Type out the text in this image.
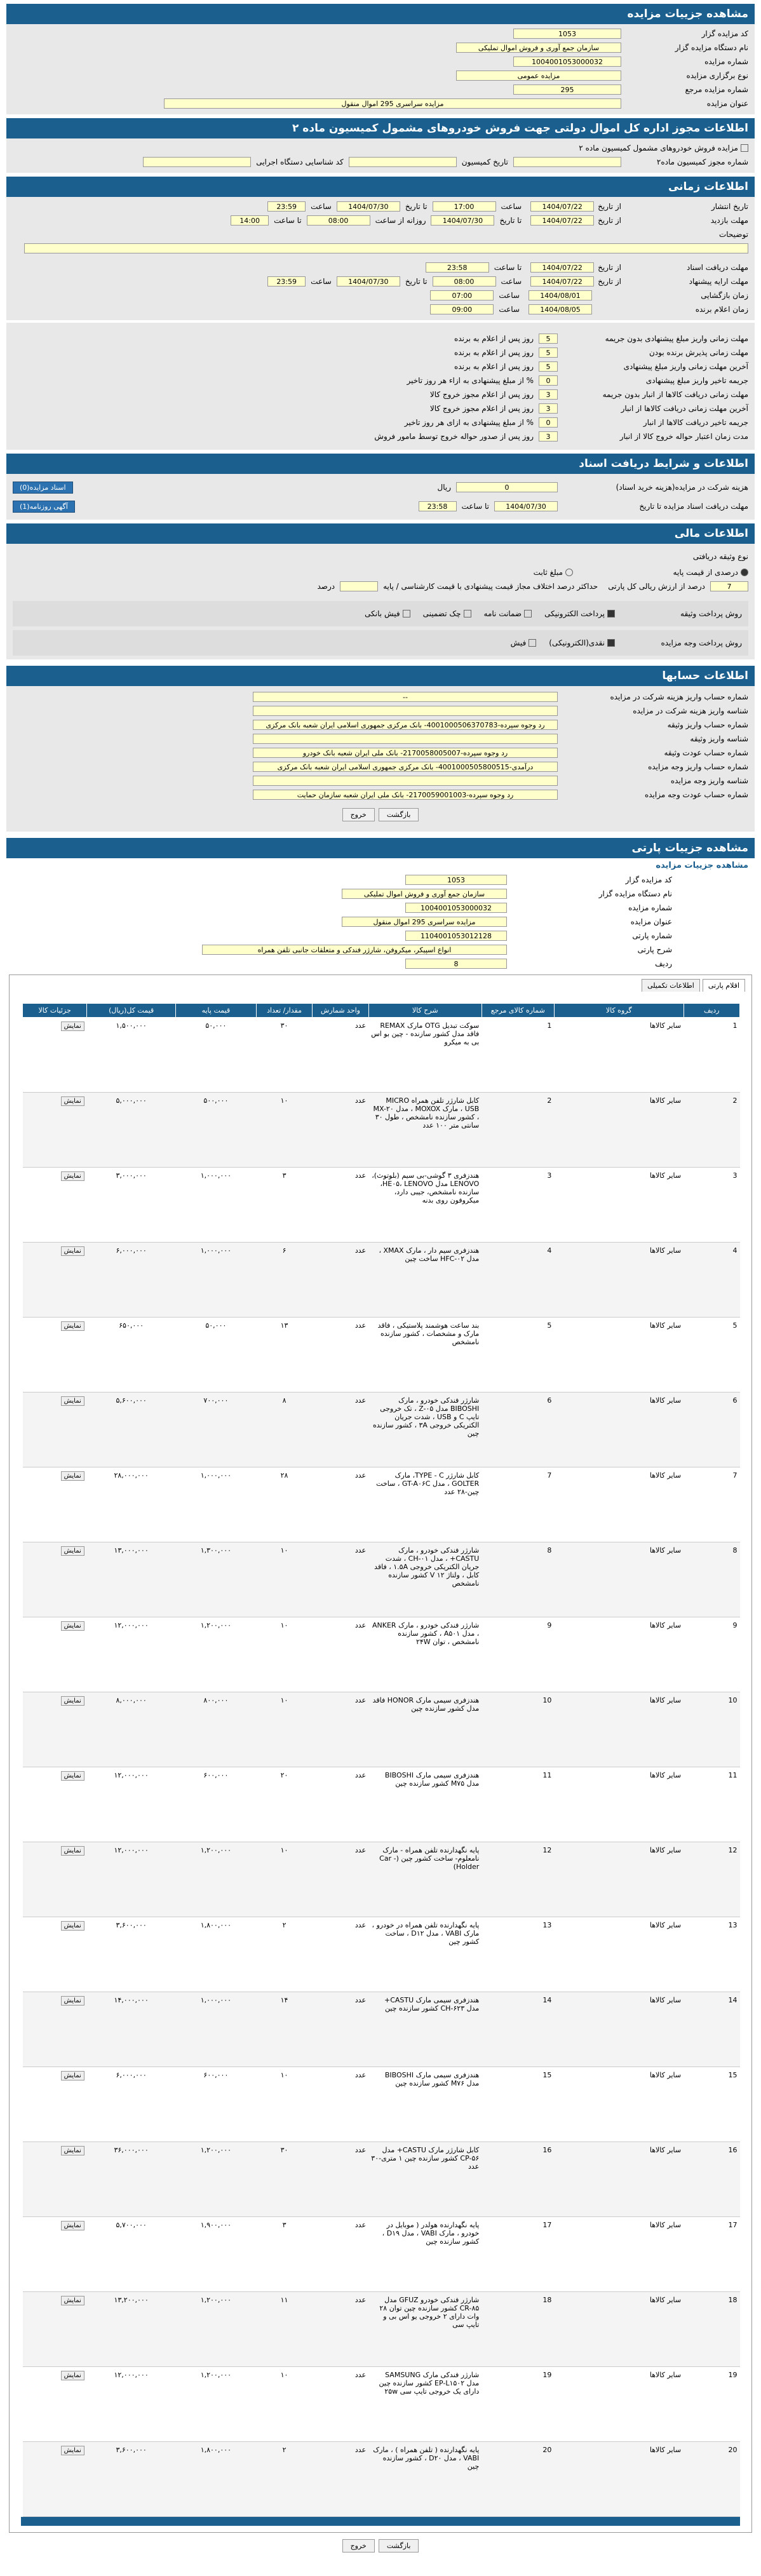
مشاهده جزییات مزایده
کد مزایده گزار
1053
نام دستگاه مزایده گزار
سازمان جمع آوری و فروش اموال تملیکی
شماره مزایده
1004001053000032
نوع برگزاری مزایده
مزایده عمومی
شماره مزایده مرجع
295
عنوان مزایده
مزایده سراسری 295 اموال منقول
اطلاعات مجوز اداره کل اموال دولتی جهت فروش خودروهای مشمول کمیسیون ماده ۲
مزایده فروش خودروهای مشمول کمیسیون ماده ۲
شماره مجوز کمیسیون ماده۲
تاریخ کمیسیون
کد شناسایی دستگاه اجرایی
اطلاعات زمانی
تاریخ انتشار
از تاریخ
1404/07/22
ساعت
17:00
تا تاریخ
1404/07/30
ساعت
23:59
مهلت بازدید
از تاریخ
1404/07/22
تا تاریخ
1404/07/30
روزانه از ساعت
08:00
تا ساعت
14:00
توضیحات
مهلت دریافت اسناد
از تاریخ
1404/07/22
تا ساعت
23:58
مهلت ارایه پیشنهاد
از تاریخ
1404/07/22
ساعت
08:00
تا تاریخ
1404/07/30
ساعت
23:59
زمان بازگشایی
1404/08/01
ساعت
07:00
زمان اعلام برنده
1404/08/05
ساعت
09:00
مهلت زمانی واریز مبلغ پیشنهادی بدون جریمه
5
روز پس از اعلام به برنده
مهلت زمانی پذیرش برنده بودن
5
روز پس از اعلام به برنده
آخرین مهلت زمانی واریز مبلغ پیشنهادی
5
روز پس از اعلام به برنده
جریمه تاخیر واریز مبلغ پیشنهادی
0
% از مبلغ پیشنهادی به ازاء هر روز تاخیر
مهلت زمانی دریافت کالاها از انبار بدون جریمه
3
روز پس از اعلام مجوز خروج کالا
آخرین مهلت زمانی دریافت کالاها از انبار
3
روز پس از اعلام مجوز خروج کالا
جریمه تاخیر دریافت کالاها از انبار
0
% از مبلغ پیشنهادی به ازای هر روز تاخیر
مدت زمان اعتبار حواله خروج کالا از انبار
3
روز پس از صدور حواله خروج توسط مامور فروش
اطلاعات و شرایط دریافت اسناد
هزینه شرکت در مزایده(هزینه خرید اسناد)
0
ریال
اسناد مزایده(0)
مهلت دریافت اسناد مزایده تا تاریخ
1404/07/30
تا ساعت
23:58
آگهی روزنامه(1)
اطلاعات مالی
نوع وثیقه دریافتی
درصدی از قیمت پایه
مبلغ ثابت
7
درصد از ارزش ریالی کل پارتی
حداکثر درصد اختلاف مجاز قیمت پیشنهادی با قیمت کارشناسی / پایه
درصد
روش پرداخت وثیقه
پرداخت الکترونیکی
ضمانت نامه
چک تضمینی
فیش بانکی
روش پرداخت وجه مزایده
نقدی(الکترونیکی)
فیش
اطلاعات حسابها
شماره حساب واریز هزینه شرکت در مزایده
--
شناسه واریز هزینه شرکت در مزایده
شماره حساب واریز وثیقه
رد وجوه سپرده-4001000506370783- بانک مرکزی جمهوری اسلامی ایران شعبه بانک مرکزی
شناسه واریز وثیقه
شماره حساب عودت وثیقه
رد وجوه سپرده-2170058005007- بانک ملی ایران شعبه بانک خودرو
شماره حساب واریز وجه مزایده
درآمدی-4001000505800515- بانک مرکزی جمهوری اسلامی ایران شعبه بانک مرکزی
شناسه واریز وجه مزایده
شماره حساب عودت وجه مزایده
رد وجوه سپرده-2170059001003- بانک ملی ایران شعبه سازمان حمایت
بازگشتخروج
مشاهده جزییات پارتی
مشاهده جزییات مزایده
کد مزایده گزار
1053
نام دستگاه مزایده گزار
سازمان جمع آوری و فروش اموال تملیکی
شماره مزایده
1004001053000032
عنوان مزایده
مزایده سراسری 295 اموال منقول
شماره پارتی
1104001053012128
شرح پارتی
انواع اسپیکر، میکروفن، شارژر فندکی و متعلقات جانبی تلفن همراه
ردیف
8
اطلاعات تکمیلی	اقلام پارتی
ردیف	گروه کالا	شماره کالای مرجع	شرح کالا	واحد شمارش	مقدار/ تعداد	قیمت پایه	قیمت کل(ریال)	جزئیات کالا
1	سایر کالاها	1	سوکت تبدیل OTG مارک REMAX فاقد مدل کشور سازنده - چین بو اس بی به میکرو	عدد	۳۰	۵۰,۰۰۰	۱,۵۰۰,۰۰۰	نمایش
2	سایر کالاها	2	کابل شارژر تلفن همراه MICRO USB ، مارک MOXOX ، مدل MX-۲۰ ، کشور سازنده نامشخص ، طول ۳۰ سانتی متر ۱۰۰ عدد	عدد	۱۰	۵۰۰,۰۰۰	۵,۰۰۰,۰۰۰	نمایش
3	سایر کالاها	3	هندزفری ۳ گوشی-بی سیم (بلوتوث)، LENOVO مدل HE۰۵، LENOVO، سازنده نامشخص، جیبی دارد، میکروفون روی بدنه	عدد	۳	۱,۰۰۰,۰۰۰	۳,۰۰۰,۰۰۰	نمایش
4	سایر کالاها	4	هندزفری سیم دار ، مارک XMAX ، مدل HFC-۰۲ ساخت چین	عدد	۶	۱,۰۰۰,۰۰۰	۶,۰۰۰,۰۰۰	نمایش
5	سایر کالاها	5	بند ساعت هوشمند پلاستیکی ، فاقد مارک و مشخصات ، کشور سازنده نامشخص	عدد	۱۳	۵۰,۰۰۰	۶۵۰,۰۰۰	نمایش
6	سایر کالاها	6	شارژر فندکی خودرو ، مارک BIBOSHI مدل Z-۰۵ ، تک خروجی تایپ C و USB ، شدت جریان الکتریکی خروجی ۳A ، کشور سازنده چین	عدد	۸	۷۰۰,۰۰۰	۵,۶۰۰,۰۰۰	نمایش
7	سایر کالاها	7	کابل شارژر TYPE - C، مارک GOLTER ، مدل GT-A۰۶C ، ساخت چین-۲۸ عدد	عدد	۲۸	۱,۰۰۰,۰۰۰	۲۸,۰۰۰,۰۰۰	نمایش
8	سایر کالاها	8	شارژر فندکی خودرو ، مارک CASTU+ ، مدل CH-۰۱ ، شدت جریان الکتریکی خروجی ۱.۵A ، فاقد کابل ، ولتاژ ۱۲ V کشور سازنده نامشخص	عدد	۱۰	۱,۳۰۰,۰۰۰	۱۳,۰۰۰,۰۰۰	نمایش
9	سایر کالاها	9	شارژر فندکی خودرو ، مارک ANKER ، مدل A۵۰۱ ، کشور سازنده نامشخص ، توان ۲۴W	عدد	۱۰	۱,۲۰۰,۰۰۰	۱۲,۰۰۰,۰۰۰	نمایش
10	سایر کالاها	10	هندزفری سیمی مارک HONOR فاقد مدل کشور سازنده چین	عدد	۱۰	۸۰۰,۰۰۰	۸,۰۰۰,۰۰۰	نمایش
11	سایر کالاها	11	هندزفری سیمی مارک BIBOSHI مدل M۷۵ کشور سازنده چین	عدد	۲۰	۶۰۰,۰۰۰	۱۲,۰۰۰,۰۰۰	نمایش
12	سایر کالاها	12	پایه نگهدارنده تلفن همراه - مارک نامعلوم- ساخت کشور چین (- Car Holder)	عدد	۱۰	۱,۲۰۰,۰۰۰	۱۲,۰۰۰,۰۰۰	نمایش
13	سایر کالاها	13	پایه نگهدارنده تلفن همراه در خودرو ، مارک VABI ، مدل D۱۲ ، ساخت کشور چین	عدد	۲	۱,۸۰۰,۰۰۰	۳,۶۰۰,۰۰۰	نمایش
14	سایر کالاها	14	هندزفری سیمی مارک CASTU+ مدل CH-۶۲۳ کشور سازنده چین	عدد	۱۴	۱,۰۰۰,۰۰۰	۱۴,۰۰۰,۰۰۰	نمایش
15	سایر کالاها	15	هندزفری سیمی مارک BIBOSHI مدل M۷۶ کشور سازنده چین	عدد	۱۰	۶۰۰,۰۰۰	۶,۰۰۰,۰۰۰	نمایش
16	سایر کالاها	16	کابل شارژر مارک CASTU+ مدل CP-۵۶ کشور سازنده چین ۱ متری-۳۰ عدد	عدد	۳۰	۱,۲۰۰,۰۰۰	۳۶,۰۰۰,۰۰۰	نمایش
17	سایر کالاها	17	پایه نگهدارنده هولدر ( موبایل در خودرو ، مارک VABI ، مدل D۱۹ ، کشور سازنده چین	عدد	۳	۱,۹۰۰,۰۰۰	۵,۷۰۰,۰۰۰	نمایش
18	سایر کالاها	18	شارژر فندکی خودرو GFUZ مدل CR-۸۵ کشور سازنده چین توان ۲۸ وات دارای ۲ خروجی یو اس بی و تایپ سی	عدد	۱۱	۱,۲۰۰,۰۰۰	۱۳,۲۰۰,۰۰۰	نمایش
19	سایر کالاها	19	شارژر فندکی مارک SAMSUNG مدل EP-L۱۵۰۲ کشور سازنده چین دارای یک خروجی تایپ سی ۲۵w	عدد	۱۰	۱,۲۰۰,۰۰۰	۱۲,۰۰۰,۰۰۰	نمایش
20	سایر کالاها	20	پایه نگهدارنده ( تلفن همراه ) ، مارک VABI ، مدل D۲۰ ، کشور سازنده چین	عدد	۲	۱,۸۰۰,۰۰۰	۳,۶۰۰,۰۰۰	نمایش
بازگشتخروج
